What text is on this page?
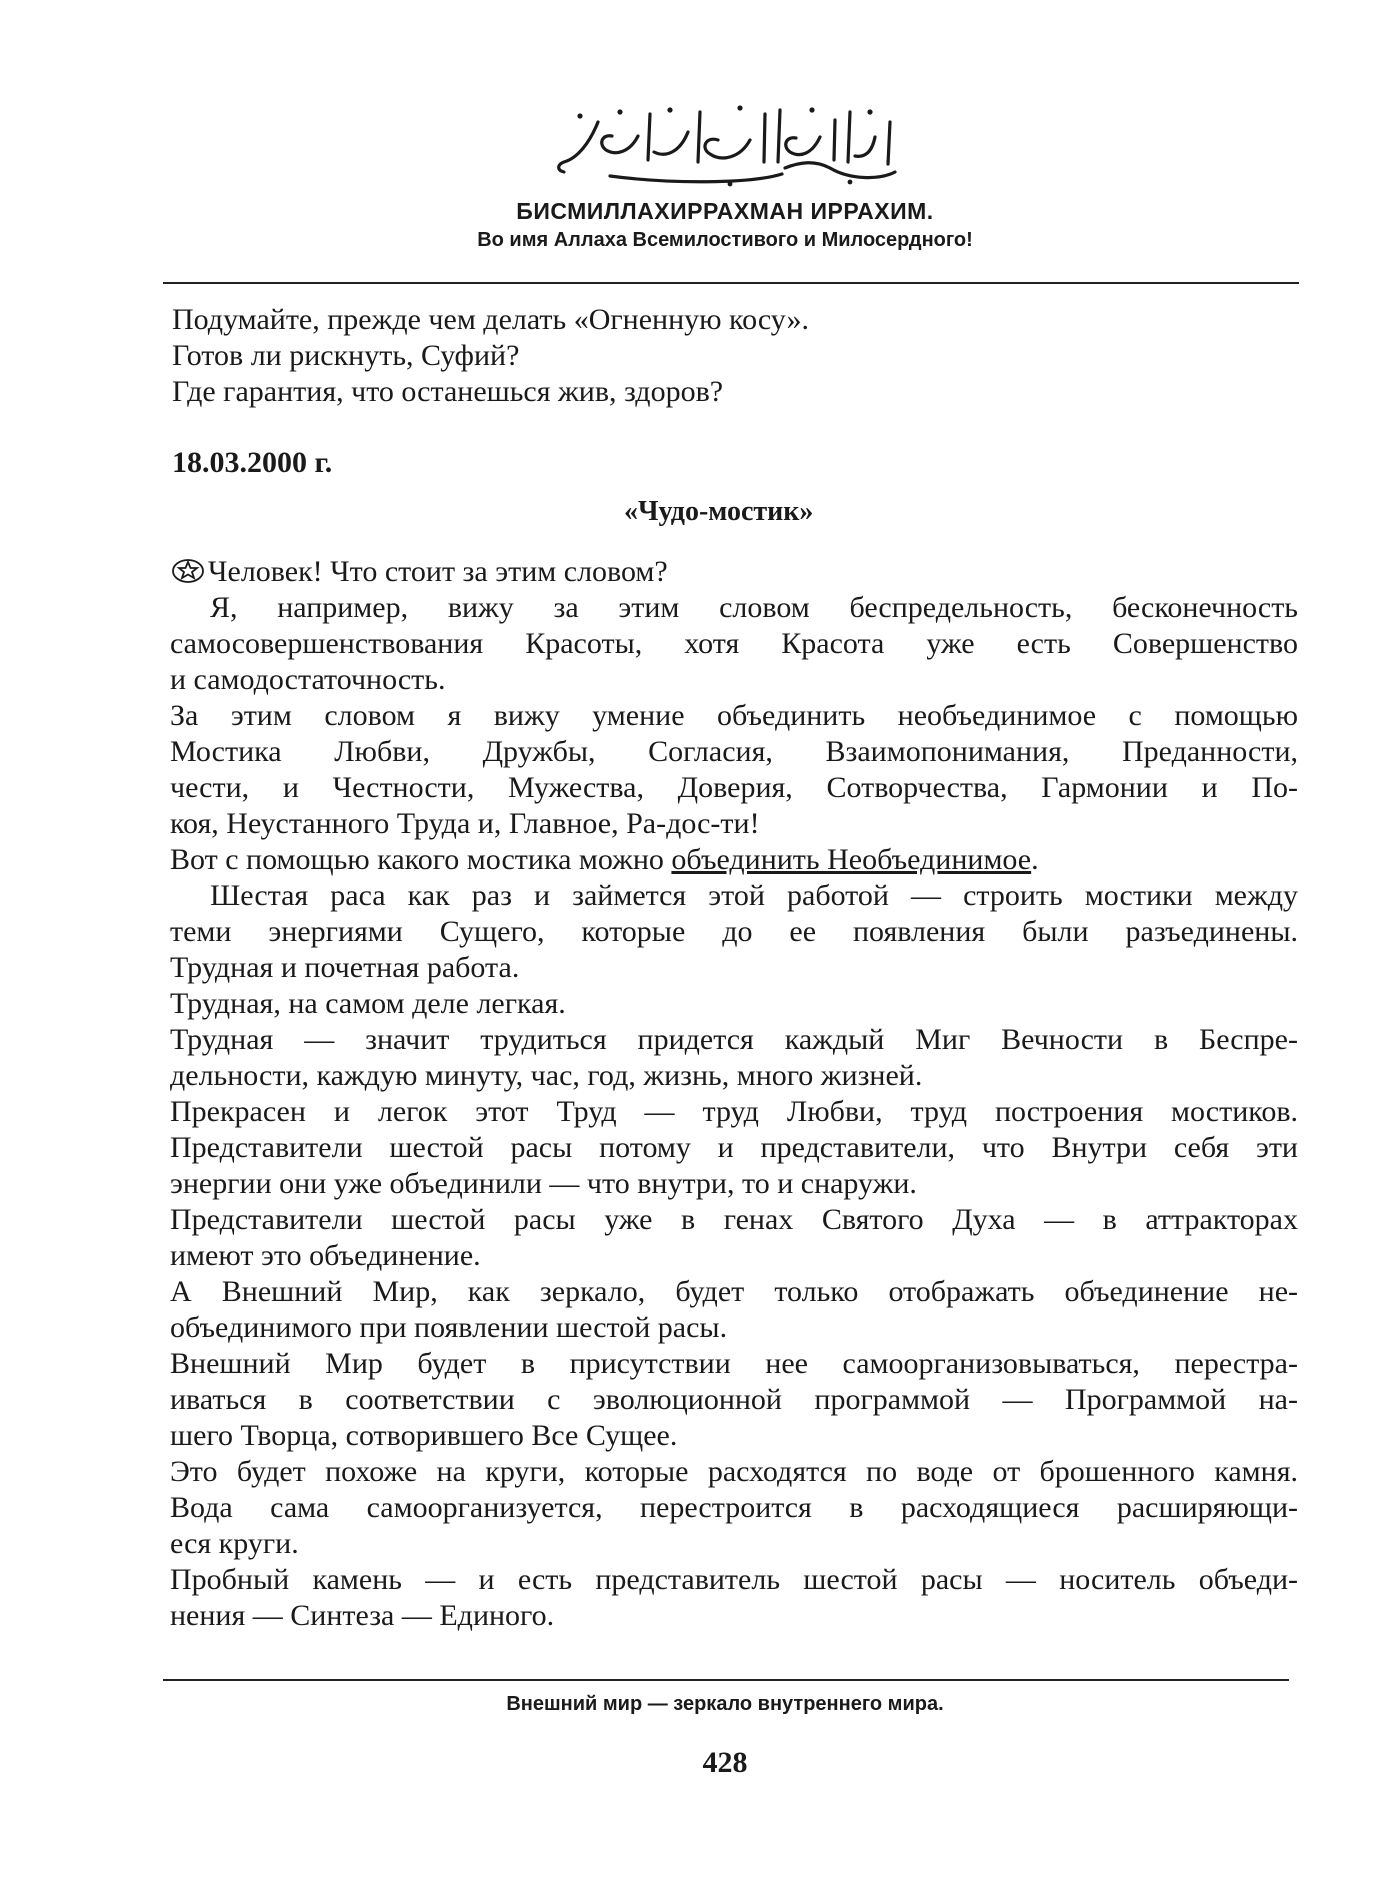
БИСМИЛЛАХИРРАХМАН ИРРАХИМ.
Во имя Аллаха Всемилостивого и Милосердного!
Подумайте, прежде чем делать «Огненную косу».
Готов ли рискнуть, Суфий?
Где гарантия, что останешься жив, здоров?
18.03.2000 г.
«Чудо-мостик»
Человек! Что стоит за этим словом?
Я, например, вижу за этим словом беспредельность, бесконечность
самосовершенствования Красоты, хотя Красота уже есть Совершенство
и самодостаточность.
За этим словом я вижу умение объединить необъединимое с помощью
Мостика Любви, Дружбы, Согласия, Взаимопонимания, Преданности,
чести, и Честности, Мужества, Доверия, Сотворчества, Гармонии и По-
коя, Неустанного Труда и, Главное, Ра-дос-ти!
Вот с помощью какого мостика можно объединить Необъединимое.
Шестая раса как раз и займется этой работой — строить мостики между
теми энергиями Сущего, которые до ее появления были разъединены.
Трудная и почетная работа.
Трудная, на самом деле легкая.
Трудная — значит трудиться придется каждый Миг Вечности в Беспре-
дельности, каждую минуту, час, год, жизнь, много жизней.
Прекрасен и легок этот Труд — труд Любви, труд построения мостиков.
Представители шестой расы потому и представители, что Внутри себя эти
энергии они уже объединили — что внутри, то и снаружи.
Представители шестой расы уже в генах Святого Духа — в аттракторах
имеют это объединение.
А Внешний Мир, как зеркало, будет только отображать объединение не-
объединимого при появлении шестой расы.
Внешний Мир будет в присутствии нее самоорганизовываться, перестра-
иваться в соответствии с эволюционной программой — Программой на-
шего Творца, сотворившего Все Сущее.
Это будет похоже на круги, которые расходятся по воде от брошенного камня.
Вода сама самоорганизуется, перестроится в расходящиеся расширяющи-
еся круги.
Пробный камень — и есть представитель шестой расы — носитель объеди-
нения — Синтеза — Единого.
Внешний мир — зеркало внутреннего мира.
428
